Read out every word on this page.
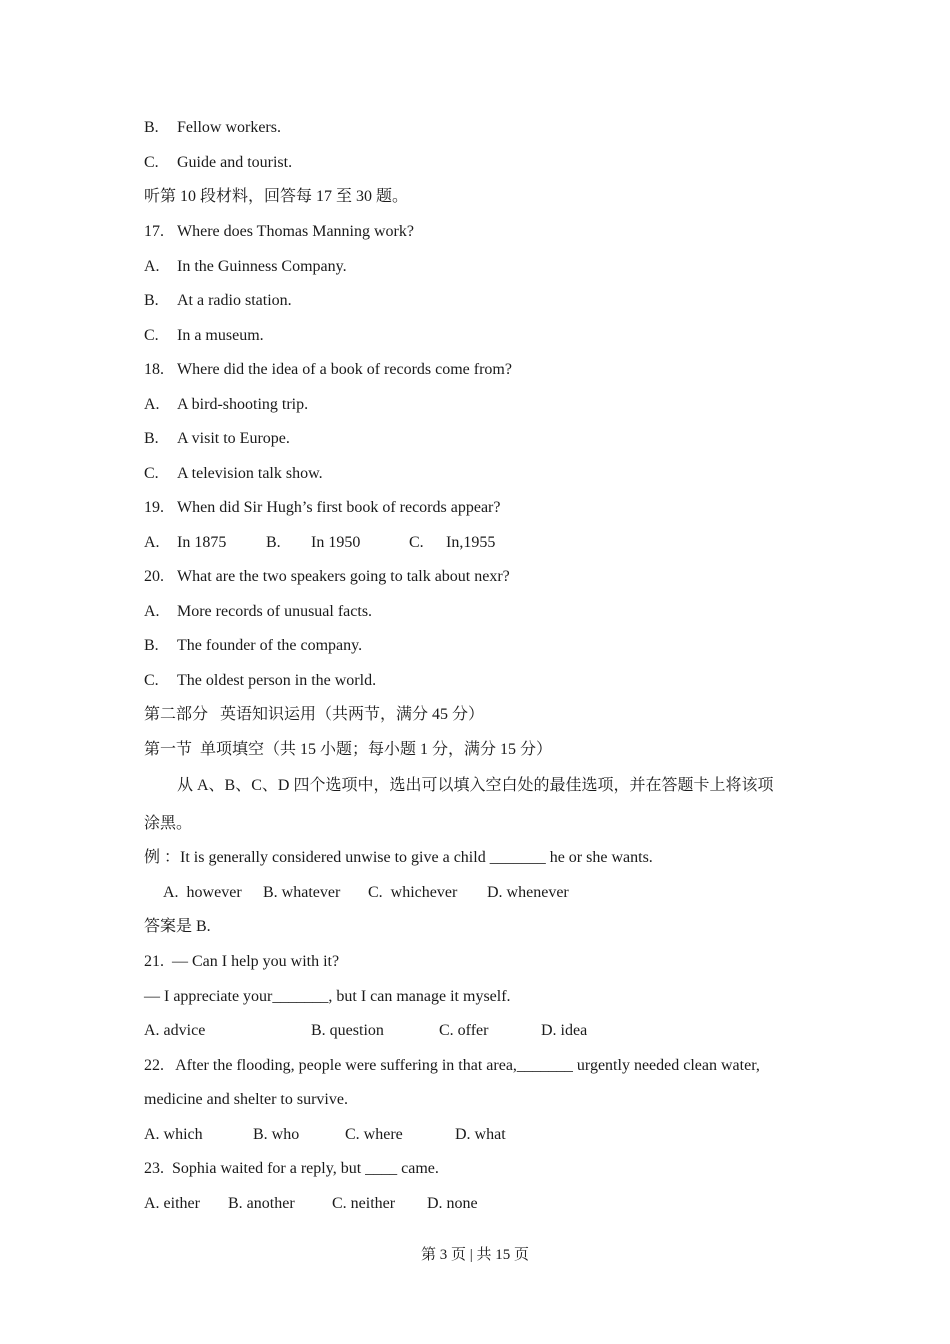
B. Fellow workers.
C. Guide and tourist.
听第 10 段材料，回答每 17 至 30 题。
17. Where does Thomas Manning work?
A. In the Guinness Company.
B. At a radio station.
C. In a museum.
18. Where did the idea of a book of records come from?
A. A bird-shooting trip.
B. A visit to Europe.
C. A television talk show.
19. When did Sir Hugh’s first book of records appear?
A. In 1875 B. In 1950	C. In,1955
20. What are the two speakers going to talk about nexr?
A. More records of unusual facts.
B. The founder of the company.
C. The oldest person in the world.
第二部分   英语知识运用（共两节，满分 45 分）
第一节  单项填空（共 15 小题；每小题 1 分，满分 15 分）
从 A、B、C、D 四个选项中，选出可以填入空白处的最佳选项，并在答题卡上将该项
涂黑。
例 ：It is generally considered unwise to give a child _______ he or she wants.
A.  however B. whatever C.  whichever D. whenever
答案是 B.
21.  — Can I help you with it?
— I appreciate your_______, but I can manage it myself.
A. advice	B. question	C. offer	D. idea
22.   After the flooding, people were suffering in that area,_______ urgently needed clean water,
medicine and shelter to survive.
A. which	B. who	C. where	D. what
23.  Sophia waited for a reply, but ____ came.
A. either B. another C. neither D. none
第 3 页 | 共 15 页
